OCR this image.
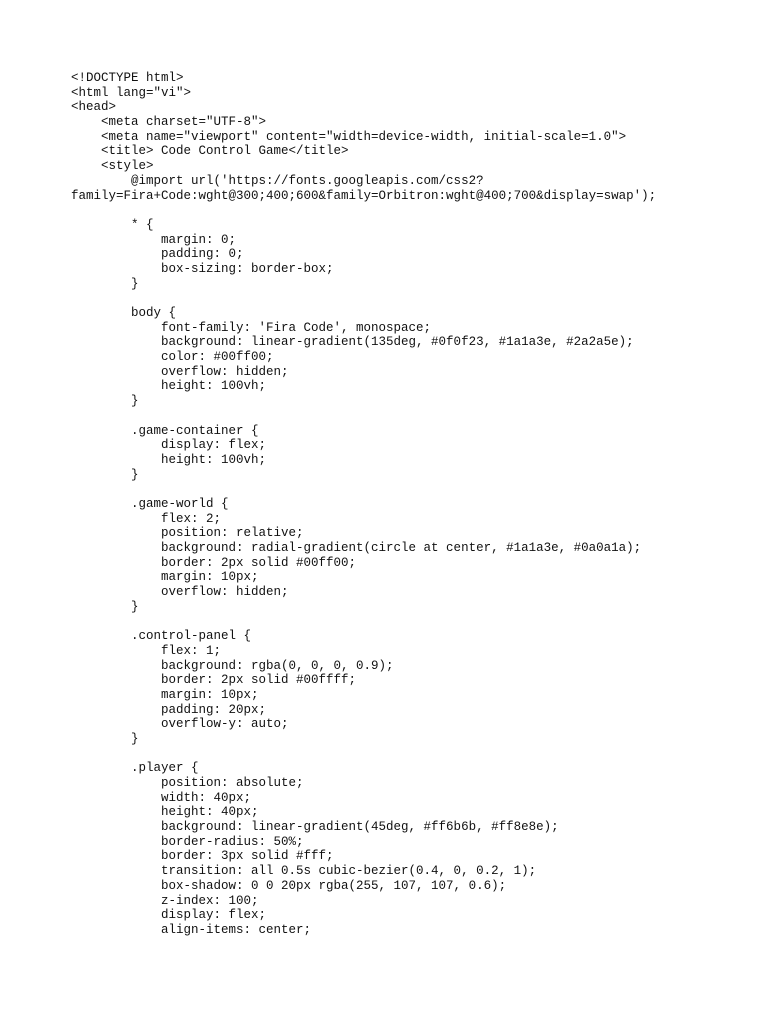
<!DOCTYPE html>
<html lang="vi">
<head>
<meta charset="UTF-8">
<meta name="viewport" content="width=device-width, initial-scale=1.0">
<title> Code Control Game</title>
<style>
@import url('https://fonts.googleapis.com/css2?
family=Fira+Code:wght@300;400;600&family=Orbitron:wght@400;700&display=swap');
* {
margin: 0;
padding: 0;
box-sizing: border-box;
}
body {
font-family: 'Fira Code', monospace;
background: linear-gradient(135deg, #0f0f23, #1a1a3e, #2a2a5e);
color: #00ff00;
overflow: hidden;
height: 100vh;
}
.game-container {
display: flex;
height: 100vh;
}
.game-world {
flex: 2;
position: relative;
background: radial-gradient(circle at center, #1a1a3e, #0a0a1a);
border: 2px solid #00ff00;
margin: 10px;
overflow: hidden;
}
.control-panel {
flex: 1;
background: rgba(0, 0, 0, 0.9);
border: 2px solid #00ffff;
margin: 10px;
padding: 20px;
overflow-y: auto;
}
.player {
position: absolute;
width: 40px;
height: 40px;
background: linear-gradient(45deg, #ff6b6b, #ff8e8e);
border-radius: 50%;
border: 3px solid #fff;
transition: all 0.5s cubic-bezier(0.4, 0, 0.2, 1);
box-shadow: 0 0 20px rgba(255, 107, 107, 0.6);
z-index: 100;
display: flex;
align-items: center;
